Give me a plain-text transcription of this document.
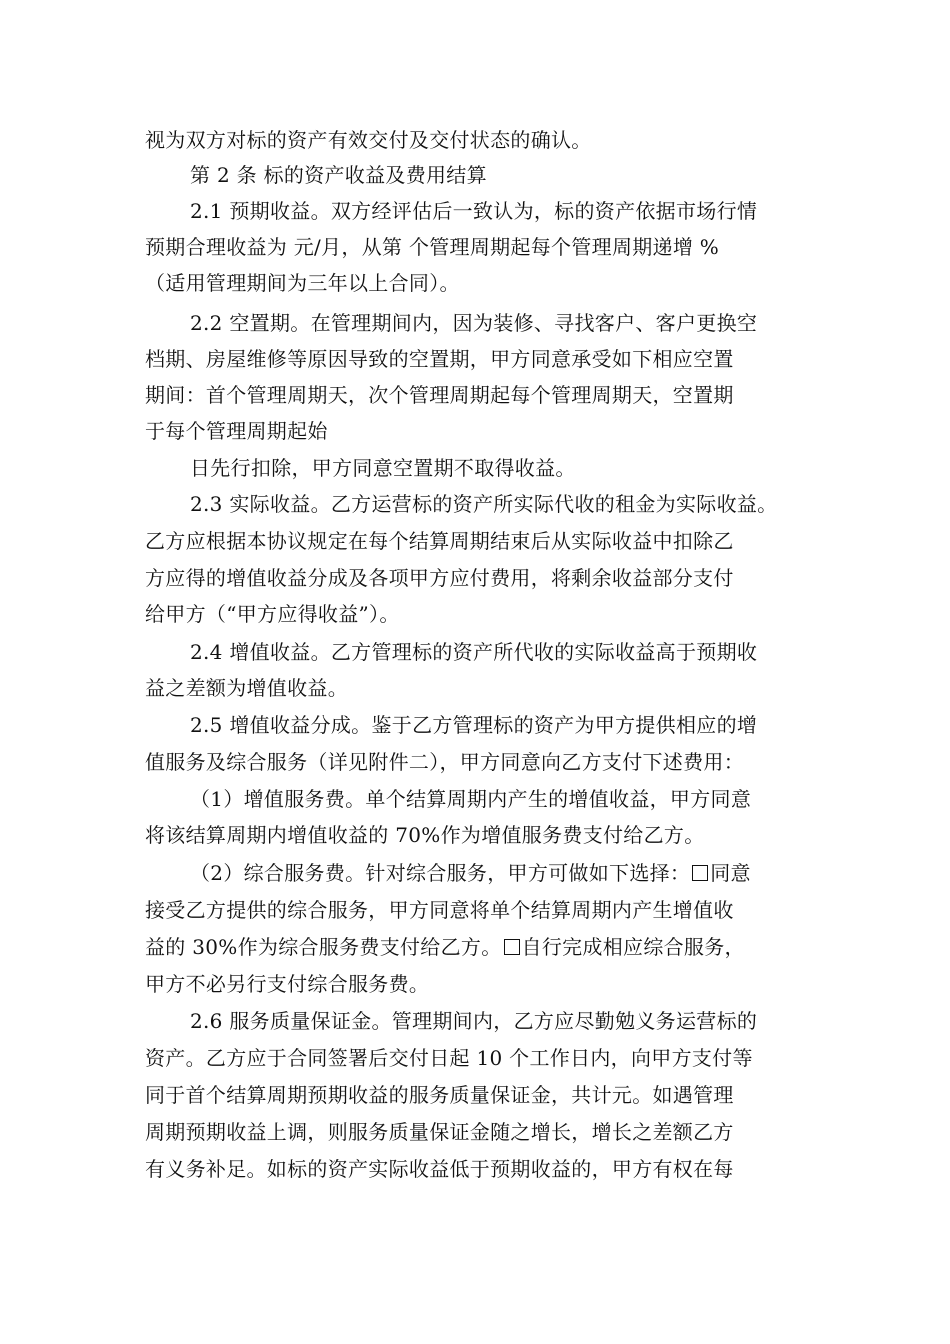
视为双方对标的资产有效交付及交付状态的确认。
第 2 条 标的资产收益及费用结算
2.1 预期收益。双方经评估后一致认为，标的资产依据市场行情
预期合理收益为 元/月，从第 个管理周期起每个管理周期递增 %
（适用管理期间为三年以上合同）。
2.2 空置期。在管理期间内，因为装修、寻找客户、客户更换空
档期、房屋维修等原因导致的空置期，甲方同意承受如下相应空置
期间：首个管理周期天，次个管理周期起每个管理周期天，空置期
于每个管理周期起始
日先行扣除，甲方同意空置期不取得收益。
2.3 实际收益。乙方运营标的资产所实际代收的租金为实际收益。
乙方应根据本协议规定在每个结算周期结束后从实际收益中扣除乙
方应得的增值收益分成及各项甲方应付费用，将剩余收益部分支付
给甲方（“甲方应得收益”）。
2.4 增值收益。乙方管理标的资产所代收的实际收益高于预期收
益之差额为增值收益。
2.5 增值收益分成。鉴于乙方管理标的资产为甲方提供相应的增
值服务及综合服务（详见附件二），甲方同意向乙方支付下述费用：
（1）增值服务费。单个结算周期内产生的增值收益，甲方同意
将该结算周期内增值收益的 70%作为增值服务费支付给乙方。
（2）综合服务费。针对综合服务，甲方可做如下选择： 同意
接受乙方提供的综合服务，甲方同意将单个结算周期内产生增值收
益的 30%作为综合服务费支付给乙方。 自行完成相应综合服务，
甲方不必另行支付综合服务费。
2.6 服务质量保证金。管理期间内，乙方应尽勤勉义务运营标的
资产。乙方应于合同签署后交付日起 10 个工作日内，向甲方支付等
同于首个结算周期预期收益的服务质量保证金，共计元。如遇管理
周期预期收益上调，则服务质量保证金随之增长，增长之差额乙方
有义务补足。如标的资产实际收益低于预期收益的，甲方有权在每
